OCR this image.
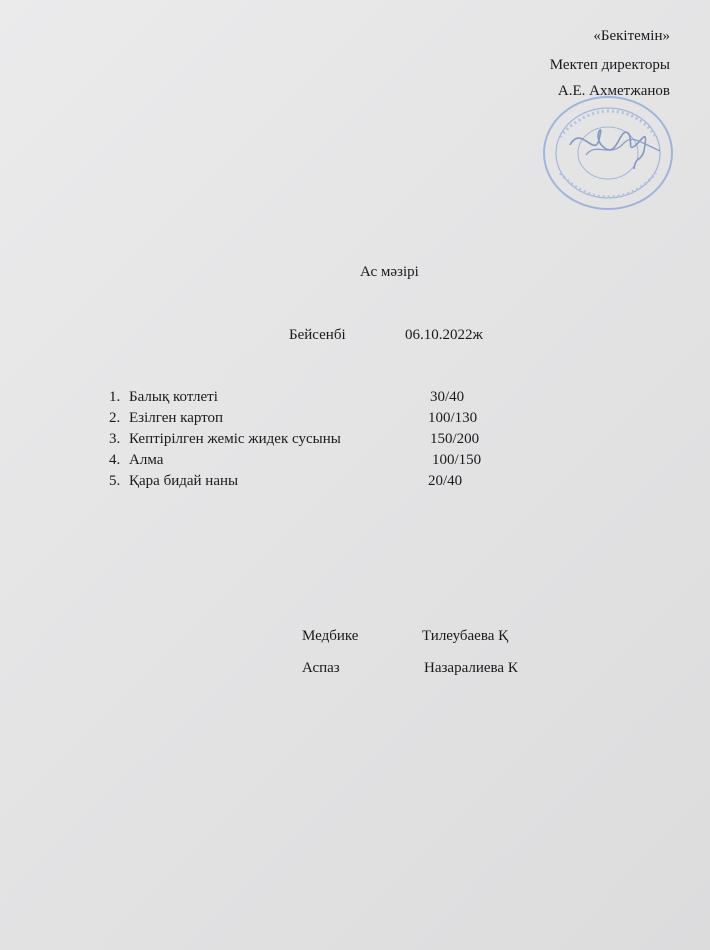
«Бекітемін»
Мектеп директоры
А.Е. Ахметжанов
Ас мәзірі
Бейсенбі	06.10.2022ж
1. Балық котлеті	30/40
2. Езілген картоп	100/130
3. Кептірілген жеміс жидек сусыны	150/200
4. Алма	100/150
5. Қара бидай наны	20/40
Медбике	Тилеубаева Қ
Аспаз	Назаралиева К
